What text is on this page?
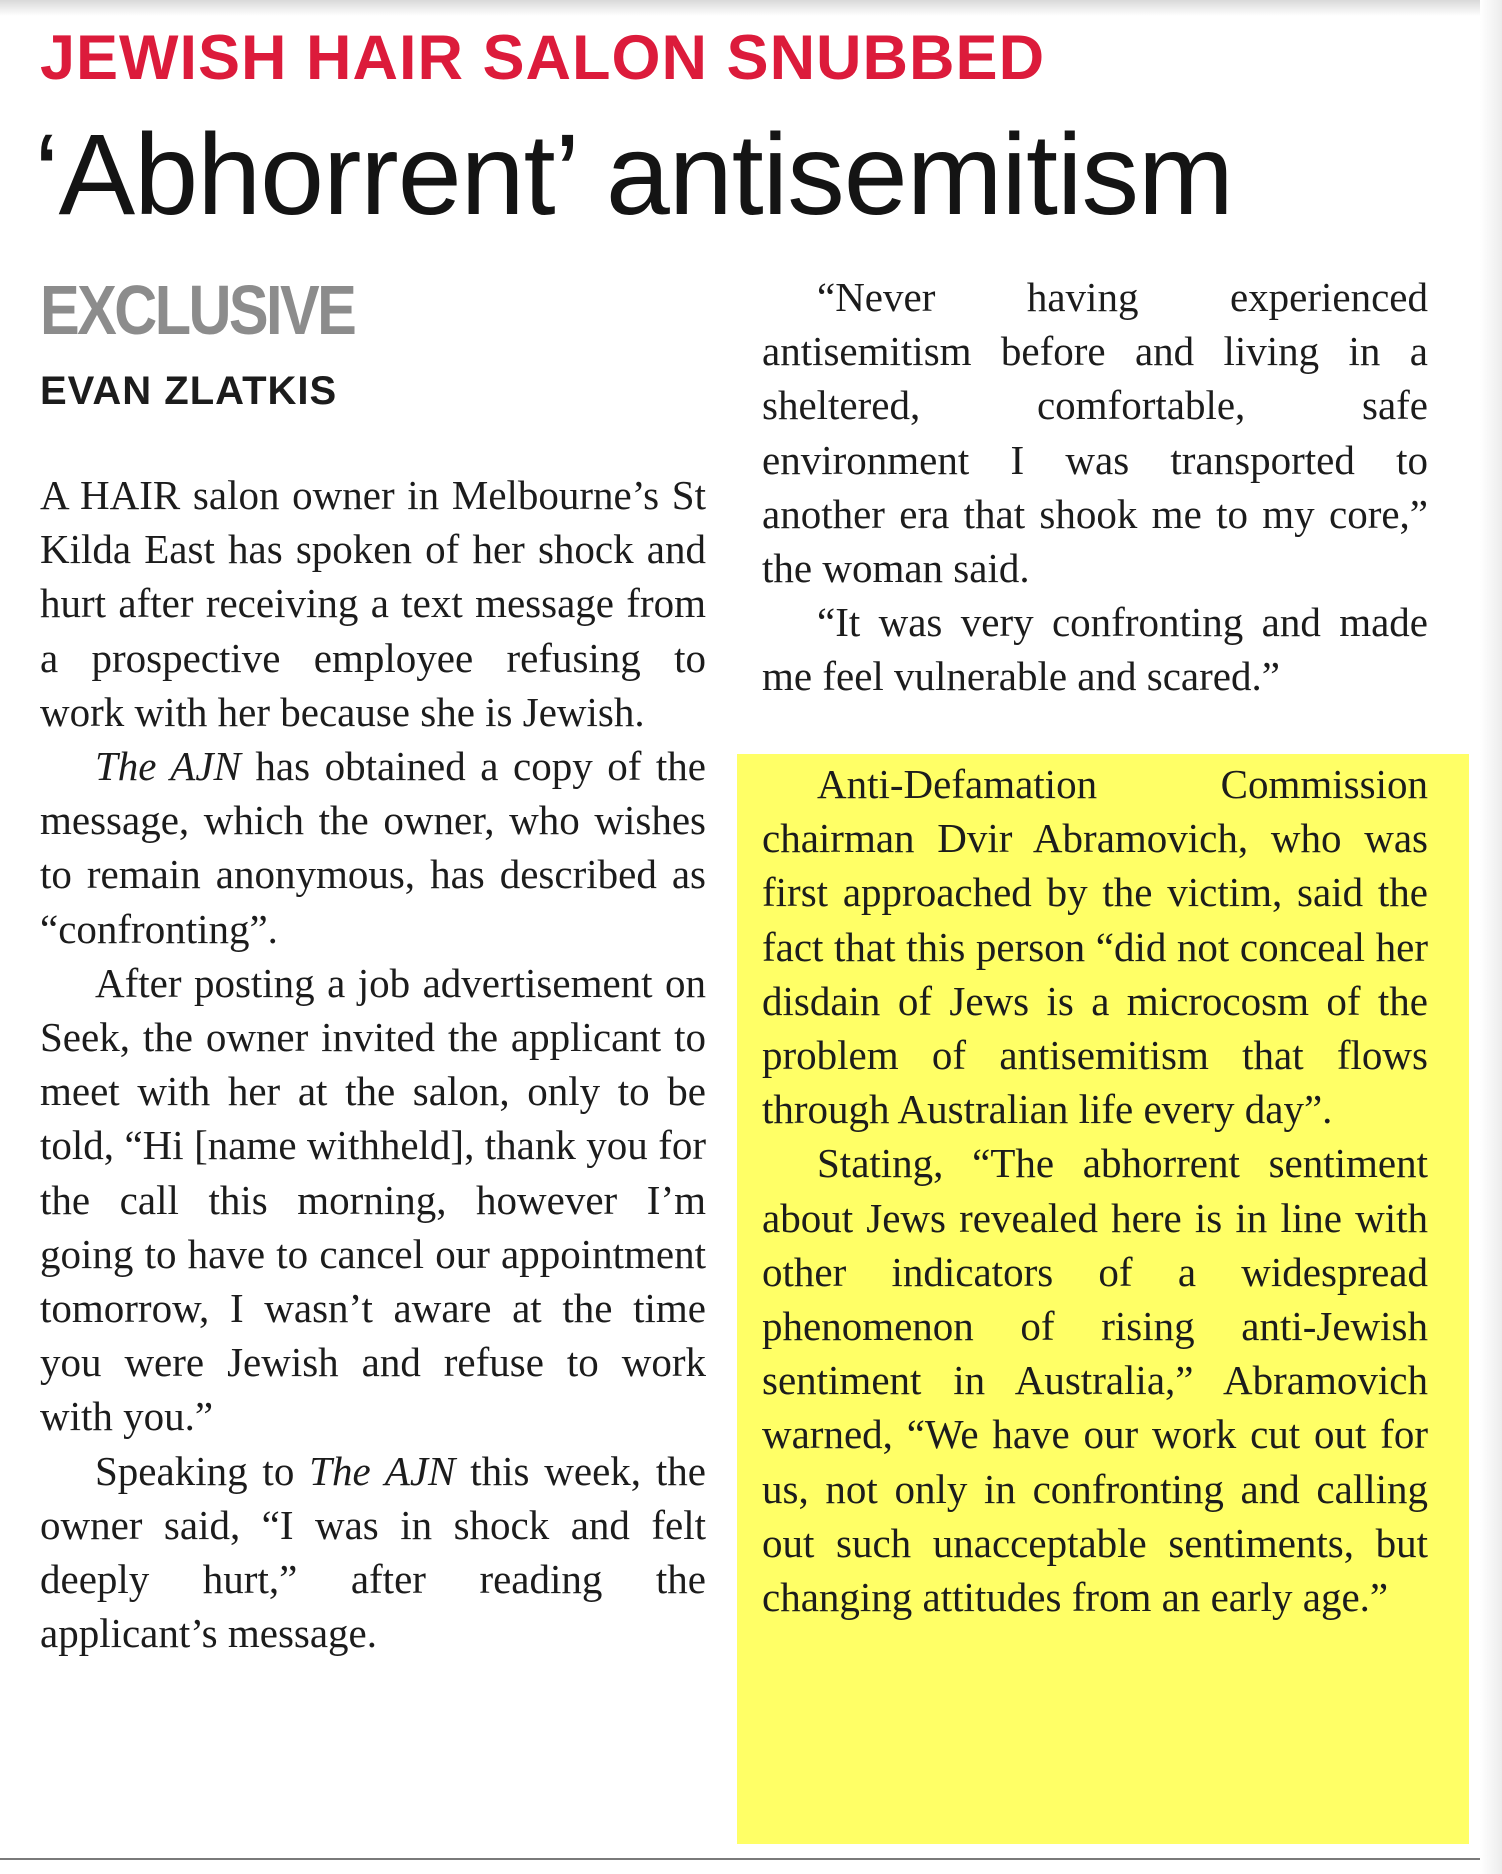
JEWISH HAIR SALON SNUBBED
‘Abhorrent’ antisemitism
EXCLUSIVE
EVAN ZLATKIS

A HAIR salon owner in Melbourne’s St Kilda East has spoken of her shock and hurt after receiving a text message from a prospective employee refusing to work with her because she is Jewish.

The AJN has obtained a copy of the message, which the owner, who wishes to remain anonymous, has described as “confronting”.

After posting a job advertisement on Seek, the owner invited the applicant to meet with her at the salon, only to be told, “Hi [name withheld], thank you for the call this morning, however I’m going to have to cancel our appointment tomorrow, I wasn’t aware at the time you were Jewish and refuse to work with you.”

Speaking to The AJN this week, the owner said, “I was in shock and felt deeply hurt,” after reading the applicant’s message.

“Never having experienced antisemitism before and living in a sheltered, comfortable, safe environment I was transported to another era that shook me to my core,” the woman said.

“It was very confronting and made me feel vulnerable and scared.”

Anti-Defamation Commission chairman Dvir Abramovich, who was first approached by the victim, said the fact that this person “did not conceal her disdain of Jews is a microcosm of the problem of antisemitism that flows through Australian life every day”.

Stating, “The abhorrent sentiment about Jews revealed here is in line with other indicators of a widespread phenomenon of rising anti-Jewish sentiment in Australia,” Abramovich warned, “We have our work cut out for us, not only in confronting and calling out such unacceptable sentiments, but changing attitudes from an early age.”
